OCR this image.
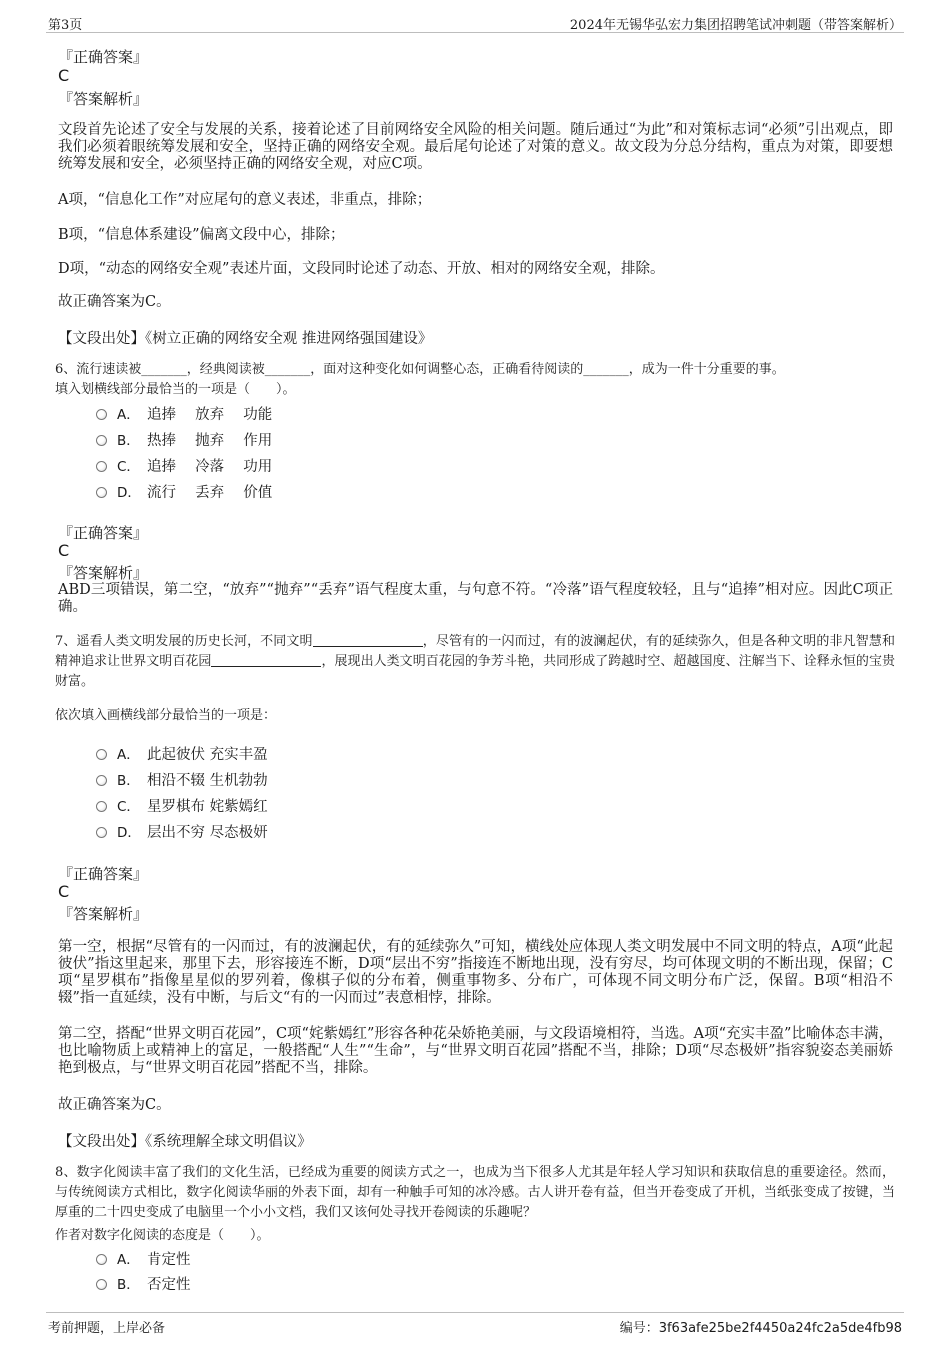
第3页	2024年无锡华弘宏力集团招聘笔试冲刺题（带答案解析）
『正确答案』
C
『答案解析』
文段首先论述了安全与发展的关系，接着论述了目前网络安全风险的相关问题。随后通过“为此”和对策标志词“必须”引出观点，即我们必须着眼统筹发展和安全，坚持正确的网络安全观。最后尾句论述了对策的意义。故文段为分总分结构，重点为对策，即要想统筹发展和安全，必须坚持正确的网络安全观，对应C项。
A项，“信息化工作”对应尾句的意义表述，非重点，排除；
B项，“信息体系建设”偏离文段中心，排除；
D项，“动态的网络安全观”表述片面，文段同时论述了动态、开放、相对的网络安全观，排除。
故正确答案为C。
【文段出处】《树立正确的网络安全观 推进网络强国建设》
6、流行速读被_______，经典阅读被_______，面对这种变化如何调整心态，正确看待阅读的_______，成为一件十分重要的事。
填入划横线部分最恰当的一项是（　　）。
A． 追捧　 放弃　 功能
B． 热捧　 抛弃　 作用
C． 追捧　 冷落　 功用
D． 流行　 丢弃　 价值
『正确答案』
C
『答案解析』
ABD三项错误，第二空，“放弃”“抛弃”“丢弃”语气程度太重，与句意不符。“冷落”语气程度较轻，且与“追捧”相对应。因此C项正确。
7、遥看人类文明发展的历史长河，不同文明	，尽管有的一闪而过，有的波澜起伏，有的延续弥久，但是各种文明的非凡智慧和精神追求让世界文明百花园	，展现出人类文明百花园的争芳斗艳，共同形成了跨越时空、超越国度、注解当下、诠释永恒的宝贵财富。
依次填入画横线部分最恰当的一项是：
A． 此起彼伏 充实丰盈
B． 相沿不辍 生机勃勃
C． 星罗棋布 姹紫嫣红
D． 层出不穷 尽态极妍
『正确答案』
C
『答案解析』
第一空，根据“尽管有的一闪而过，有的波澜起伏，有的延续弥久”可知，横线处应体现人类文明发展中不同文明的特点，A项“此起彼伏”指这里起来，那里下去，形容接连不断，D项“层出不穷”指接连不断地出现，没有穷尽，均可体现文明的不断出现，保留；C项“星罗棋布”指像星星似的罗列着，像棋子似的分布着，侧重事物多、分布广，可体现不同文明分布广泛，保留。B项“相沿不辍”指一直延续，没有中断，与后文“有的一闪而过”表意相悖，排除。
第二空，搭配“世界文明百花园”，C项“姹紫嫣红”形容各种花朵娇艳美丽，与文段语境相符，当选。A项“充实丰盈”比喻体态丰满，也比喻物质上或精神上的富足，一般搭配“人生”“生命”，与“世界文明百花园”搭配不当，排除；D项“尽态极妍”指容貌姿态美丽娇艳到极点，与“世界文明百花园”搭配不当，排除。
故正确答案为C。
【文段出处】《系统理解全球文明倡议》
8、数字化阅读丰富了我们的文化生活，已经成为重要的阅读方式之一，也成为当下很多人尤其是年轻人学习知识和获取信息的重要途径。然而，与传统阅读方式相比，数字化阅读华丽的外表下面，却有一种触手可知的冰冷感。古人讲开卷有益，但当开卷变成了开机，当纸张变成了按键，当厚重的二十四史变成了电脑里一个小小文档，我们又该何处寻找开卷阅读的乐趣呢？
作者对数字化阅读的态度是（　　）。
A． 肯定性
B． 否定性
考前押题，上岸必备	编号：3f63afe25be2f4450a24fc2a5de4fb98
